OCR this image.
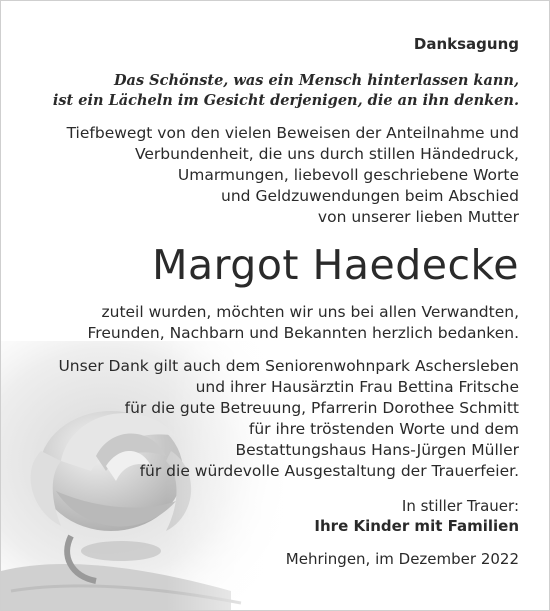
Danksagung

Das Schönste, was ein Mensch hinterlassen kann,
ist ein Lächeln im Gesicht derjenigen, die an ihn denken.

Tiefbewegt von den vielen Beweisen der Anteilnahme und
Verbundenheit, die uns durch stillen Händedruck,
Umarmungen, liebevoll geschriebene Worte
und Geldzuwendungen beim Abschied
von unserer lieben Mutter

Margot Haedecke

zuteil wurden, möchten wir uns bei allen Verwandten,
Freunden, Nachbarn und Bekannten herzlich bedanken.

Unser Dank gilt auch dem Seniorenwohnpark Aschersleben
und ihrer Hausärztin Frau Bettina Fritsche
für die gute Betreuung, Pfarrerin Dorothee Schmitt
für ihre tröstenden Worte und dem
Bestattungshaus Hans-Jürgen Müller
für die würdevolle Ausgestaltung der Trauerfeier.

In stiller Trauer:

Ihre Kinder mit Familien

Mehringen, im Dezember 2022
